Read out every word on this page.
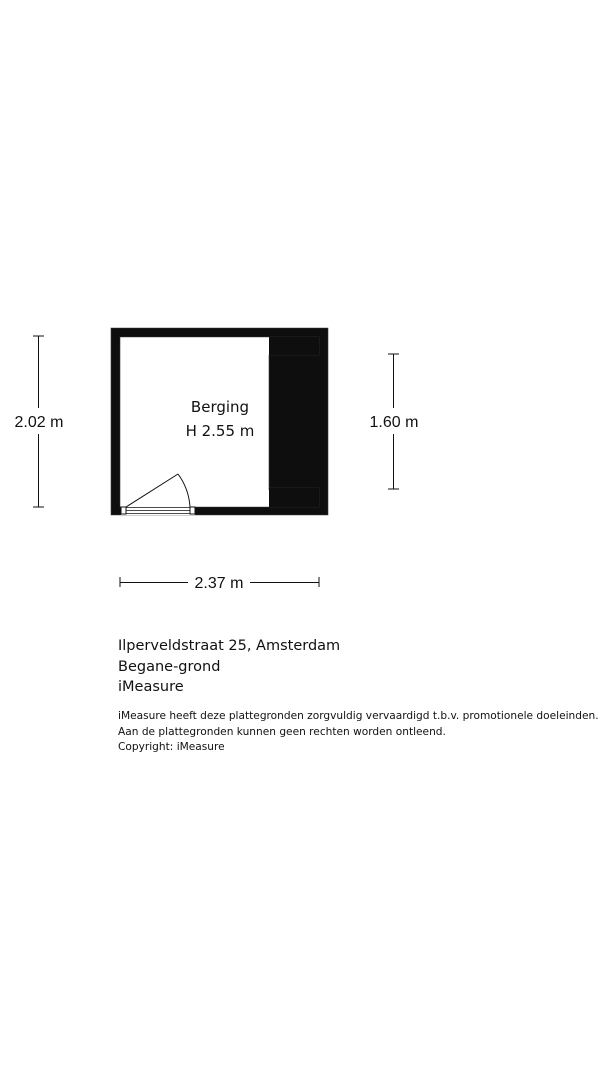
Berging
H 2.55 m
2.02 m	1.60 m
2.37 m
Ilperveldstraat 25, Amsterdam
Begane-grond
iMeasure
iMeasure heeft deze plattegronden zorgvuldig vervaardigd t.b.v. promotionele doeleinden.
Aan de plattegronden kunnen geen rechten worden ontleend.
Copyright: iMeasure
